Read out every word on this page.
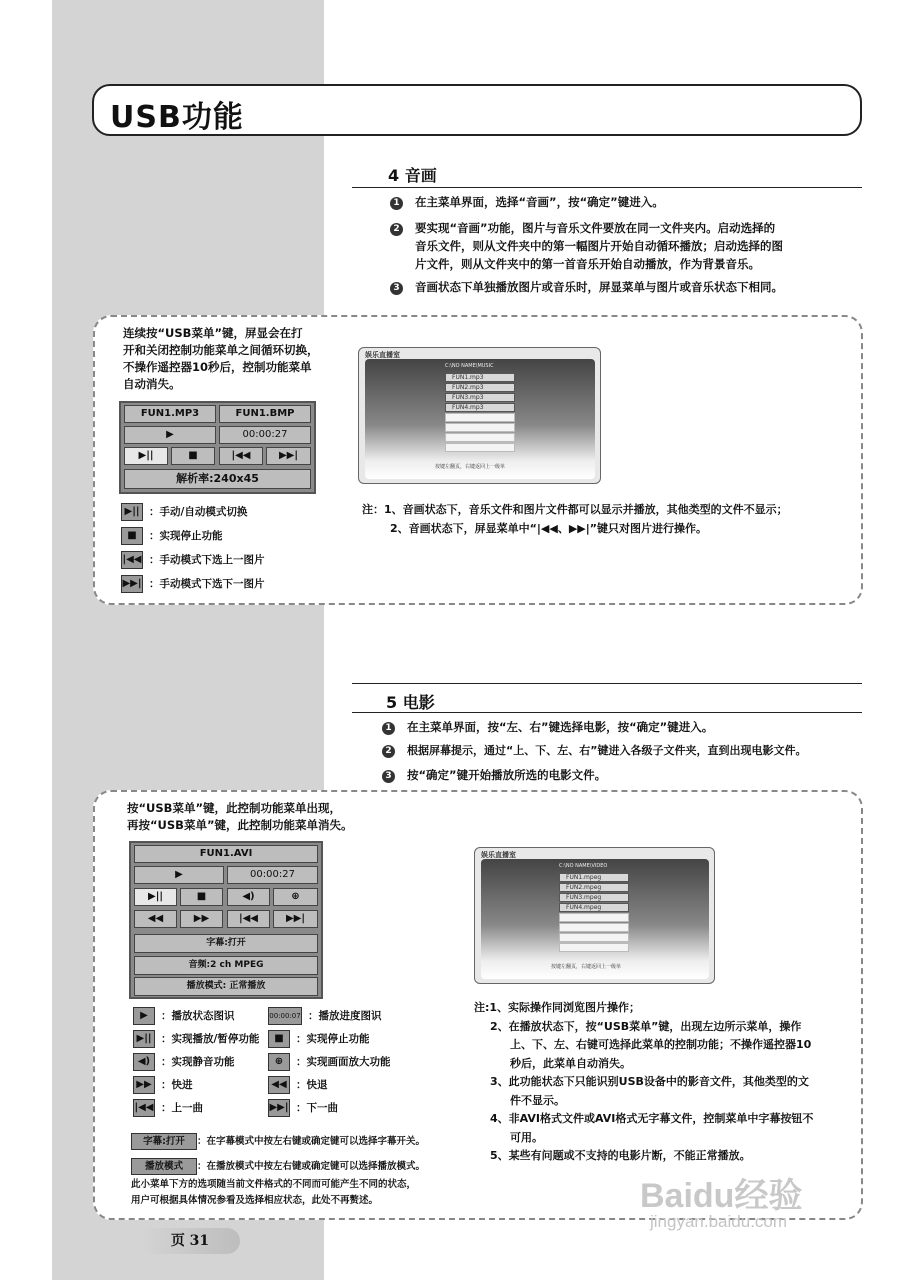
USB功能
4 音画
1 在主菜单界面，选择“音画”，按“确定”键进入。
2 要实现“音画”功能，图片与音乐文件要放在同一文件夹内。启动选择的
音乐文件，则从文件夹中的第一幅图片开始自动循环播放；启动选择的图
片文件，则从文件夹中的第一首音乐开始自动播放，作为背景音乐。
3 音画状态下单独播放图片或音乐时，屏显菜单与图片或音乐状态下相同。
连续按“USB菜单”键，屏显会在打
开和关闭控制功能菜单之间循环切换，
不操作遥控器10秒后，控制功能菜单
自动消失。
FUN1.MP3	FUN1.BMP
▶	00:00:27
▶||	■	|◀◀	▶▶|
解析率:240x45
▶|| ：手动/自动模式切换
■ ：实现停止功能
|◀◀ ：手动模式下选上一图片
▶▶| ：手动模式下选下一图片
娱乐直播室
C:\NO NAME\MUSIC
FUN1.mp3
FUN2.mp3
FUN3.mp3
FUN4.mp3
按键左翻页，右键返回上一级单
注：1、音画状态下，音乐文件和图片文件都可以显示并播放，其他类型的文件不显示；
2、音画状态下，屏显菜单中“|◀◀、▶▶|”键只对图片进行操作。
5 电影
1 在主菜单界面，按“左、右”键选择电影，按“确定”键进入。
2 根据屏幕提示，通过“上、下、左、右”键进入各级子文件夹，直到出现电影文件。
3 按“确定”键开始播放所选的电影文件。
按“USB菜单”键，此控制功能菜单出现，
再按“USB菜单”键，此控制功能菜单消失。
FUN1.AVI
▶	00:00:27
▶||	■	◀)	⊕
◀◀	▶▶	|◀◀	▶▶|
字幕:打开
音频:2 ch MPEG
播放模式: 正常播放
▶ ：播放状态图识
▶|| ：实现播放/暂停功能
◀) ：实现静音功能
▶▶ ：快进
|◀◀ ：上一曲
00:00:07 ：播放进度图识
■ ：实现停止功能
⊕ ：实现画面放大功能
◀◀ ：快退
▶▶| ：下一曲
字幕:打开 ：在字幕模式中按左右键或确定键可以选择字幕开关。
播放模式 ：在播放模式中按左右键或确定键可以选择播放模式。
此小菜单下方的选项随当前文件格式的不同而可能产生不同的状态，
用户可根据具体情况参看及选择相应状态，此处不再赘述。
娱乐直播室
C:\NO NAME\VIDEO
FUN1.mpeg
FUN2.mpeg
FUN3.mpeg
FUN4.mpeg
按键左翻页，右键返回上一级单
注:1、实际操作同浏览图片操作；
2、在播放状态下，按“USB菜单”键，出现左边所示菜单，操作
上、下、左、右键可选择此菜单的控制功能；不操作遥控器10
秒后，此菜单自动消失。
3、此功能状态下只能识别USB设备中的影音文件，其他类型的文
件不显示。
4、非AVI格式文件或AVI格式无字幕文件，控制菜单中字幕按钮不
可用。
5、某些有问题或不支持的电影片断，不能正常播放。
Baidu经验
jingyan.baidu.com
页 31
